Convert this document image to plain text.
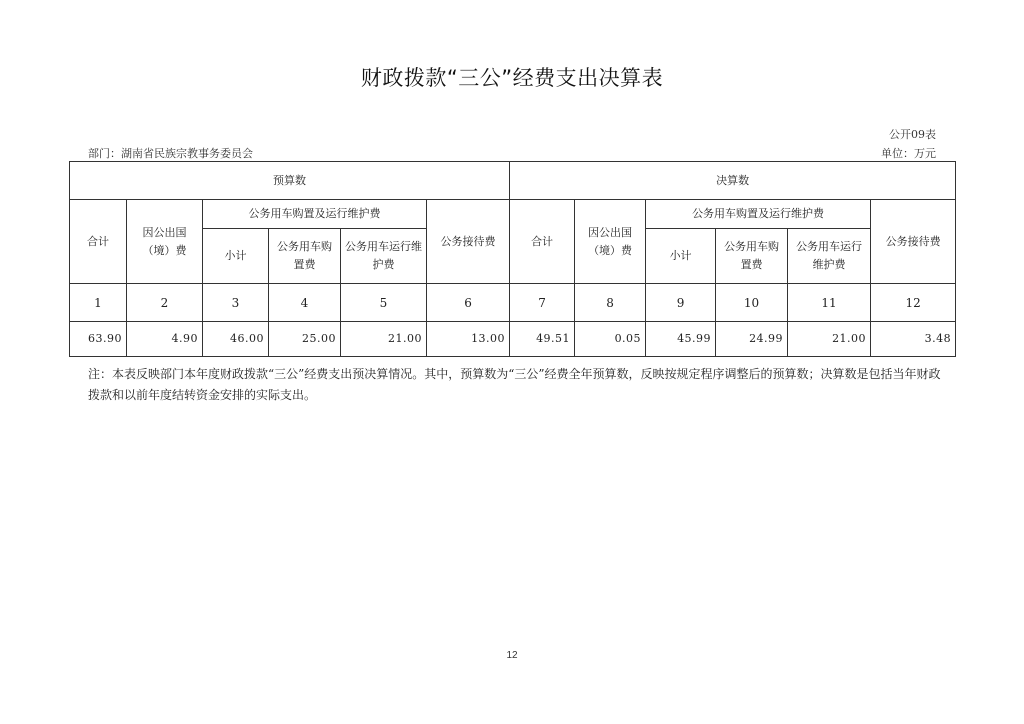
财政拨款“三公”经费支出决算表
公开09表
部门：湖南省民族宗教事务委员会	单位：万元
预算数						决算数					
合计	因公出国（境）费	公务用车购置及运行维护费			公务接待费	合计	因公出国（境）费	公务用车购置及运行维护费			公务接待费
		小计	公务用车购置费	公务用车运行维护费				小计	公务用车购置费	公务用车运行维护费	
1	2	3	4	5	6	7	8	9	10	11	12
63.90	4.90	46.00	25.00	21.00	13.00	49.51	0.05	45.99	24.99	21.00	3.48
注：本表反映部门本年度财政拨款“三公”经费支出预决算情况。其中，预算数为“三公”经费全年预算数，反映按规定程序调整后的预算数；决算数是包括当年财政拨款和以前年度结转资金安排的实际支出。
12
